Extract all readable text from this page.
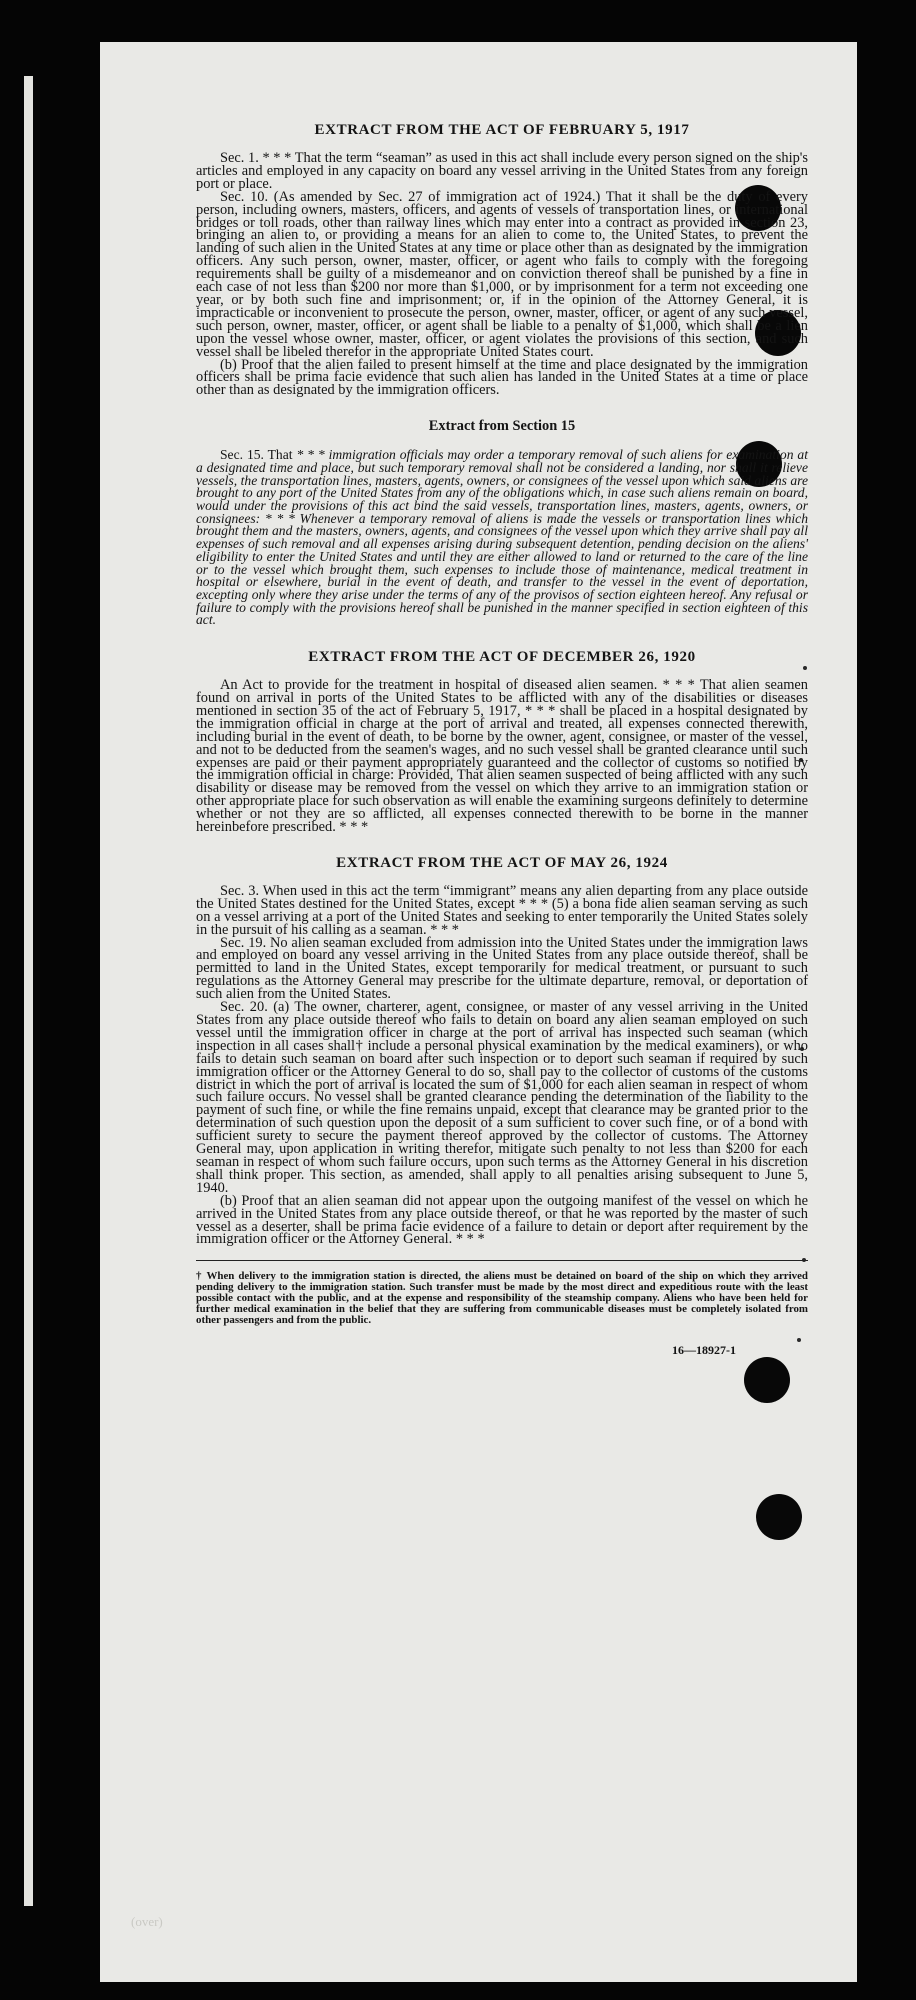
(over)
EXTRACT FROM THE ACT OF FEBRUARY 5, 1917

Sec. 1. * * * That the term “seaman” as used in this act shall include every person signed on the ship's articles and employed in any capacity on board any vessel arriving in the United States from any foreign port or place.

Sec. 10. (As amended by Sec. 27 of immigration act of 1924.) That it shall be the duty of every person, including owners, masters, officers, and agents of vessels of transportation lines, or international bridges or toll roads, other than railway lines which may enter into a contract as provided in section 23, bringing an alien to, or providing a means for an alien to come to, the United States, to prevent the landing of such alien in the United States at any time or place other than as designated by the immigration officers. Any such person, owner, master, officer, or agent who fails to comply with the foregoing requirements shall be guilty of a misdemeanor and on conviction thereof shall be punished by a fine in each case of not less than $200 nor more than $1,000, or by imprisonment for a term not exceeding one year, or by both such fine and imprisonment; or, if in the opinion of the Attorney General, it is impracticable or inconvenient to prosecute the person, owner, master, officer, or agent of any such vessel, such person, owner, master, officer, or agent shall be liable to a penalty of $1,000, which shall be a lien upon the vessel whose owner, master, officer, or agent violates the provisions of this section, and such vessel shall be libeled therefor in the appropriate United States court.

(b) Proof that the alien failed to present himself at the time and place designated by the immigration officers shall be prima facie evidence that such alien has landed in the United States at a time or place other than as designated by the immigration officers.

Extract from Section 15

Sec. 15. That * * * immigration officials may order a temporary removal of such aliens for examination at a designated time and place, but such temporary removal shall not be considered a landing, nor shall it relieve vessels, the transportation lines, masters, agents, owners, or consignees of the vessel upon which said aliens are brought to any port of the United States from any of the obligations which, in case such aliens remain on board, would under the provisions of this act bind the said vessels, transportation lines, masters, agents, owners, or consignees: * * * Whenever a temporary removal of aliens is made the vessels or transportation lines which brought them and the masters, owners, agents, and consignees of the vessel upon which they arrive shall pay all expenses of such removal and all expenses arising during subsequent detention, pending decision on the aliens' eligibility to enter the United States and until they are either allowed to land or returned to the care of the line or to the vessel which brought them, such expenses to include those of maintenance, medical treatment in hospital or elsewhere, burial in the event of death, and transfer to the vessel in the event of deportation, excepting only where they arise under the terms of any of the provisos of section eighteen hereof. Any refusal or failure to comply with the provisions hereof shall be punished in the manner specified in section eighteen of this act.

EXTRACT FROM THE ACT OF DECEMBER 26, 1920

An Act to provide for the treatment in hospital of diseased alien seamen. * * * That alien seamen found on arrival in ports of the United States to be afflicted with any of the disabilities or diseases mentioned in section 35 of the act of February 5, 1917, * * * shall be placed in a hospital designated by the immigration official in charge at the port of arrival and treated, all expenses connected therewith, including burial in the event of death, to be borne by the owner, agent, consignee, or master of the vessel, and not to be deducted from the seamen's wages, and no such vessel shall be granted clearance until such expenses are paid or their payment appropriately guaranteed and the collector of customs so notified by the immigration official in charge: Provided, That alien seamen suspected of being afflicted with any such disability or disease may be removed from the vessel on which they arrive to an immigration station or other appropriate place for such observation as will enable the examining surgeons definitely to determine whether or not they are so afflicted, all expenses connected therewith to be borne in the manner hereinbefore prescribed. * * *

EXTRACT FROM THE ACT OF MAY 26, 1924

Sec. 3. When used in this act the term “immigrant” means any alien departing from any place outside the United States destined for the United States, except * * * (5) a bona fide alien seaman serving as such on a vessel arriving at a port of the United States and seeking to enter temporarily the United States solely in the pursuit of his calling as a seaman. * * *

Sec. 19. No alien seaman excluded from admission into the United States under the immigration laws and employed on board any vessel arriving in the United States from any place outside thereof, shall be permitted to land in the United States, except temporarily for medical treatment, or pursuant to such regulations as the Attorney General may prescribe for the ultimate departure, removal, or deportation of such alien from the United States.

Sec. 20. (a) The owner, charterer, agent, consignee, or master of any vessel arriving in the United States from any place outside thereof who fails to detain on board any alien seaman employed on such vessel until the immigration officer in charge at the port of arrival has inspected such seaman (which inspection in all cases shall† include a personal physical examination by the medical examiners), or who fails to detain such seaman on board after such inspection or to deport such seaman if required by such immigration officer or the Attorney General to do so, shall pay to the collector of customs of the customs district in which the port of arrival is located the sum of $1,000 for each alien seaman in respect of whom such failure occurs. No vessel shall be granted clearance pending the determination of the liability to the payment of such fine, or while the fine remains unpaid, except that clearance may be granted prior to the determination of such question upon the deposit of a sum sufficient to cover such fine, or of a bond with sufficient surety to secure the payment thereof approved by the collector of customs. The Attorney General may, upon application in writing therefor, mitigate such penalty to not less than $200 for each seaman in respect of whom such failure occurs, upon such terms as the Attorney General in his discretion shall think proper. This section, as amended, shall apply to all penalties arising subsequent to June 5, 1940.

(b) Proof that an alien seaman did not appear upon the outgoing manifest of the vessel on which he arrived in the United States from any place outside thereof, or that he was reported by the master of such vessel as a deserter, shall be prima facie evidence of a failure to detain or deport after requirement by the immigration officer or the Attorney General. * * *

† When delivery to the immigration station is directed, the aliens must be detained on board of the ship on which they arrived pending delivery to the immigration station. Such transfer must be made by the most direct and expeditious route with the least possible contact with the public, and at the expense and responsibility of the steamship company. Aliens who have been held for further medical examination in the belief that they are suffering from communicable diseases must be completely isolated from other passengers and from the public.
16—18927-1
